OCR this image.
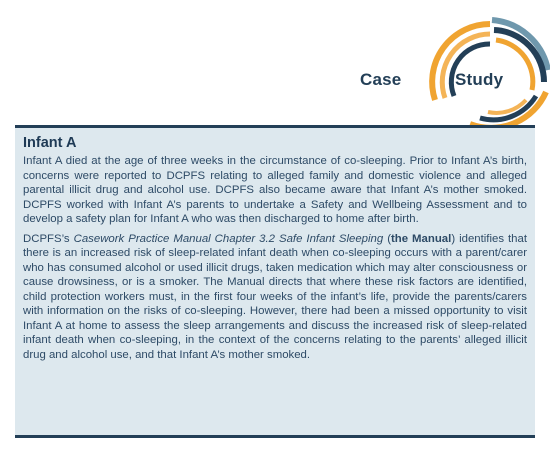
Case	Study
Infant A

Infant A died at the age of three weeks in the circumstance of co-sleeping. Prior to Infant A’s birth, concerns were reported to DCPFS relating to alleged family and domestic violence and alleged parental illicit drug and alcohol use. DCPFS also became aware that Infant A’s mother smoked. DCPFS worked with Infant A’s parents to undertake a Safety and Wellbeing Assessment and to develop a safety plan for Infant A who was then discharged to home after birth.

DCPFS’s Casework Practice Manual Chapter 3.2 Safe Infant Sleeping (the Manual) identifies that there is an increased risk of sleep-related infant death when co-sleeping occurs with a parent/carer who has consumed alcohol or used illicit drugs, taken medication which may alter consciousness or cause drowsiness, or is a smoker. The Manual directs that where these risk factors are identified, child protection workers must, in the first four weeks of the infant’s life, provide the parents/carers with information on the risks of co-sleeping. However, there had been a missed opportunity to visit Infant A at home to assess the sleep arrangements and discuss the increased risk of sleep-related infant death when co-sleeping, in the context of the concerns relating to the parents’ alleged illicit drug and alcohol use, and that Infant A’s mother smoked.
